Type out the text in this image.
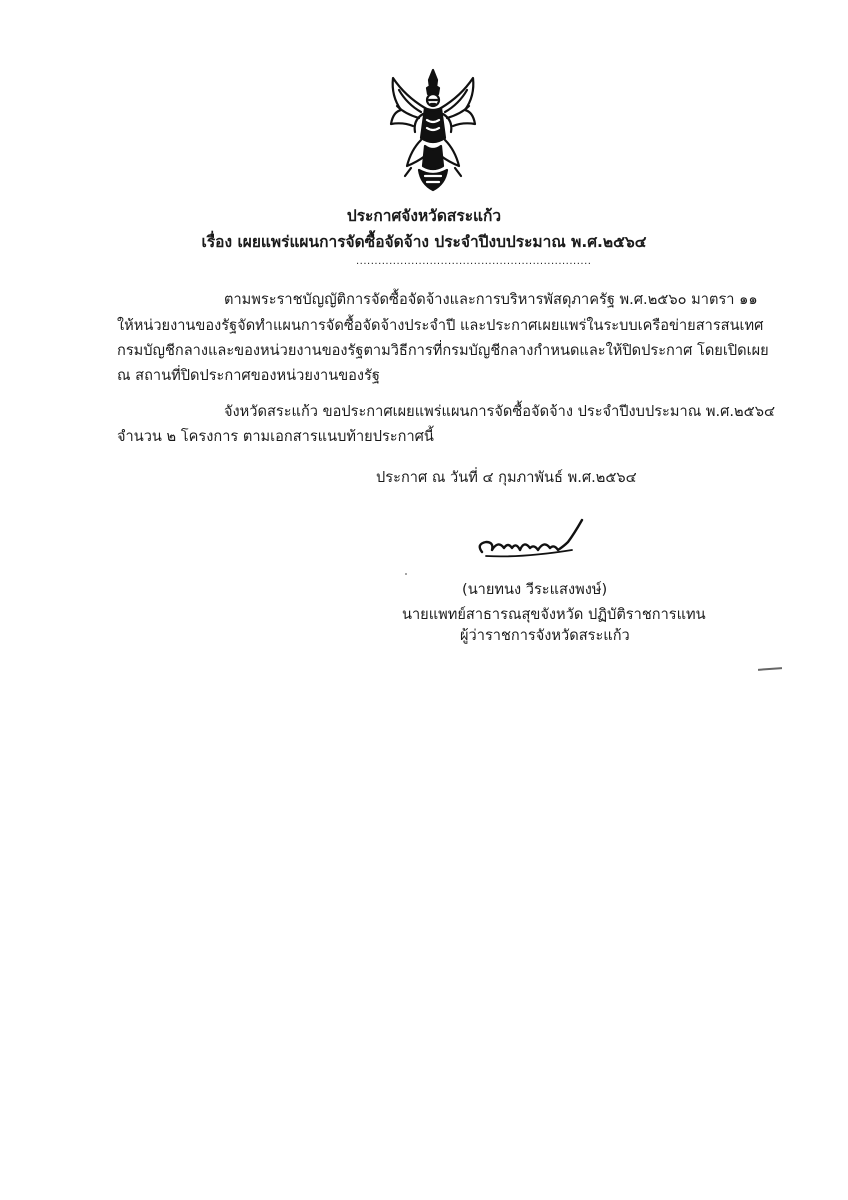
ประกาศจังหวัดสระแก้ว
เรื่อง เผยแพร่แผนการจัดซื้อจัดจ้าง ประจำปีงบประมาณ พ.ศ.๒๕๖๔
................................................................
ตามพระราชบัญญัติการจัดซื้อจัดจ้างและการบริหารพัสดุภาครัฐ พ.ศ.๒๕๖๐ มาตรา ๑๑
ให้หน่วยงานของรัฐจัดทำแผนการจัดซื้อจัดจ้างประจำปี และประกาศเผยแพร่ในระบบเครือข่ายสารสนเทศ
กรมบัญชีกลางและของหน่วยงานของรัฐตามวิธีการที่กรมบัญชีกลางกำหนดและให้ปิดประกาศ โดยเปิดเผย
ณ สถานที่ปิดประกาศของหน่วยงานของรัฐ
จังหวัดสระแก้ว ขอประกาศเผยแพร่แผนการจัดซื้อจัดจ้าง ประจำปีงบประมาณ พ.ศ.๒๕๖๔
จำนวน ๒ โครงการ ตามเอกสารแนบท้ายประกาศนี้
ประกาศ ณ วันที่ ๔ กุมภาพันธ์ พ.ศ.๒๕๖๔
(นายทนง วีระแสงพงษ์)
นายแพทย์สาธารณสุขจังหวัด ปฏิบัติราชการแทน
ผู้ว่าราชการจังหวัดสระแก้ว
